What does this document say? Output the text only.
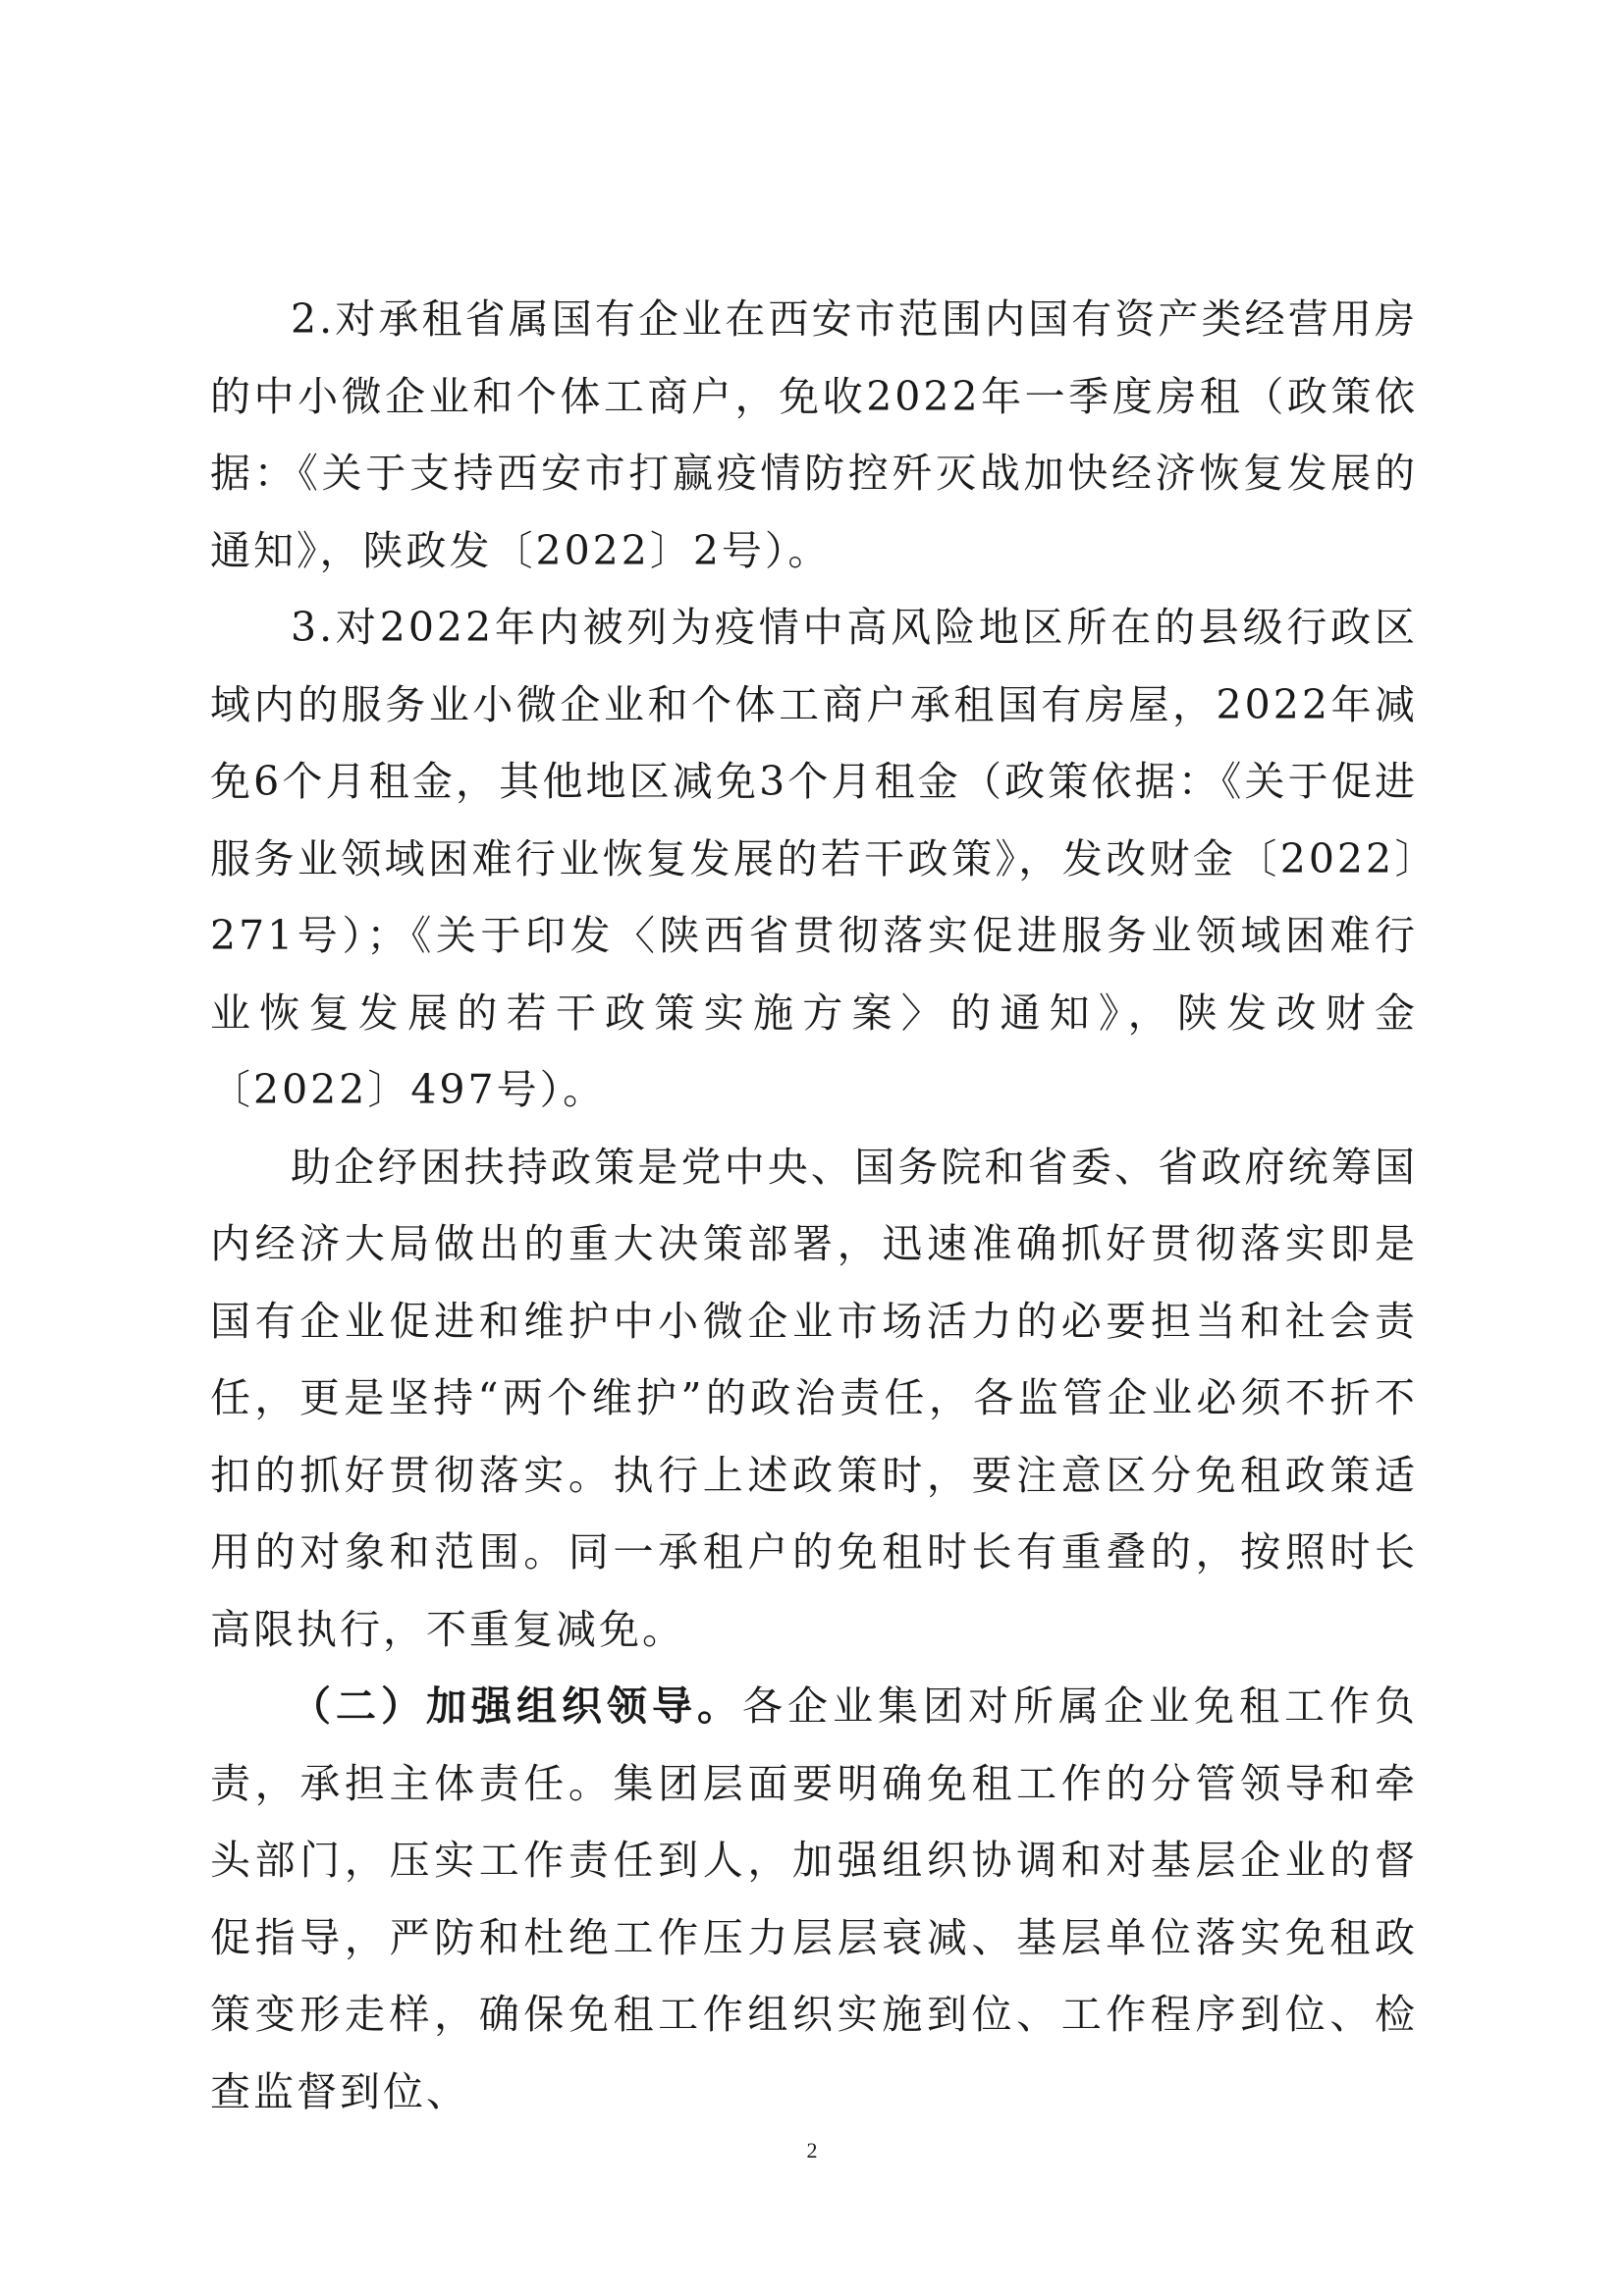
2.对承租省属国有企业在西安市范围内国有资产类经营用房的中小微企业和个体工商户，免收2022年一季度房租（政策依据：《关于支持西安市打赢疫情防控歼灭战加快经济恢复发展的通知》，陕政发〔2022〕2号）。

3.对2022年内被列为疫情中高风险地区所在的县级行政区域内的服务业小微企业和个体工商户承租国有房屋，2022年减免6个月租金，其他地区减免3个月租金（政策依据：《关于促进服务业领域困难行业恢复发展的若干政策》，发改财金〔2022〕271号）；《关于印发〈陕西省贯彻落实促进服务业领域困难行业恢复发展的若干政策实施方案〉的通知》，陕发改财金〔2022〕497号）。

助企纾困扶持政策是党中央、国务院和省委、省政府统筹国内经济大局做出的重大决策部署，迅速准确抓好贯彻落实即是国有企业促进和维护中小微企业市场活力的必要担当和社会责任，更是坚持“两个维护”的政治责任，各监管企业必须不折不扣的抓好贯彻落实。执行上述政策时，要注意区分免租政策适用的对象和范围。同一承租户的免租时长有重叠的，按照时长高限执行，不重复减免。

（二）加强组织领导。各企业集团对所属企业免租工作负责，承担主体责任。集团层面要明确免租工作的分管领导和牵头部门，压实工作责任到人，加强组织协调和对基层企业的督促指导，严防和杜绝工作压力层层衰减、基层单位落实免租政策变形走样，确保免租工作组织实施到位、工作程序到位、检查监督到位、

2
